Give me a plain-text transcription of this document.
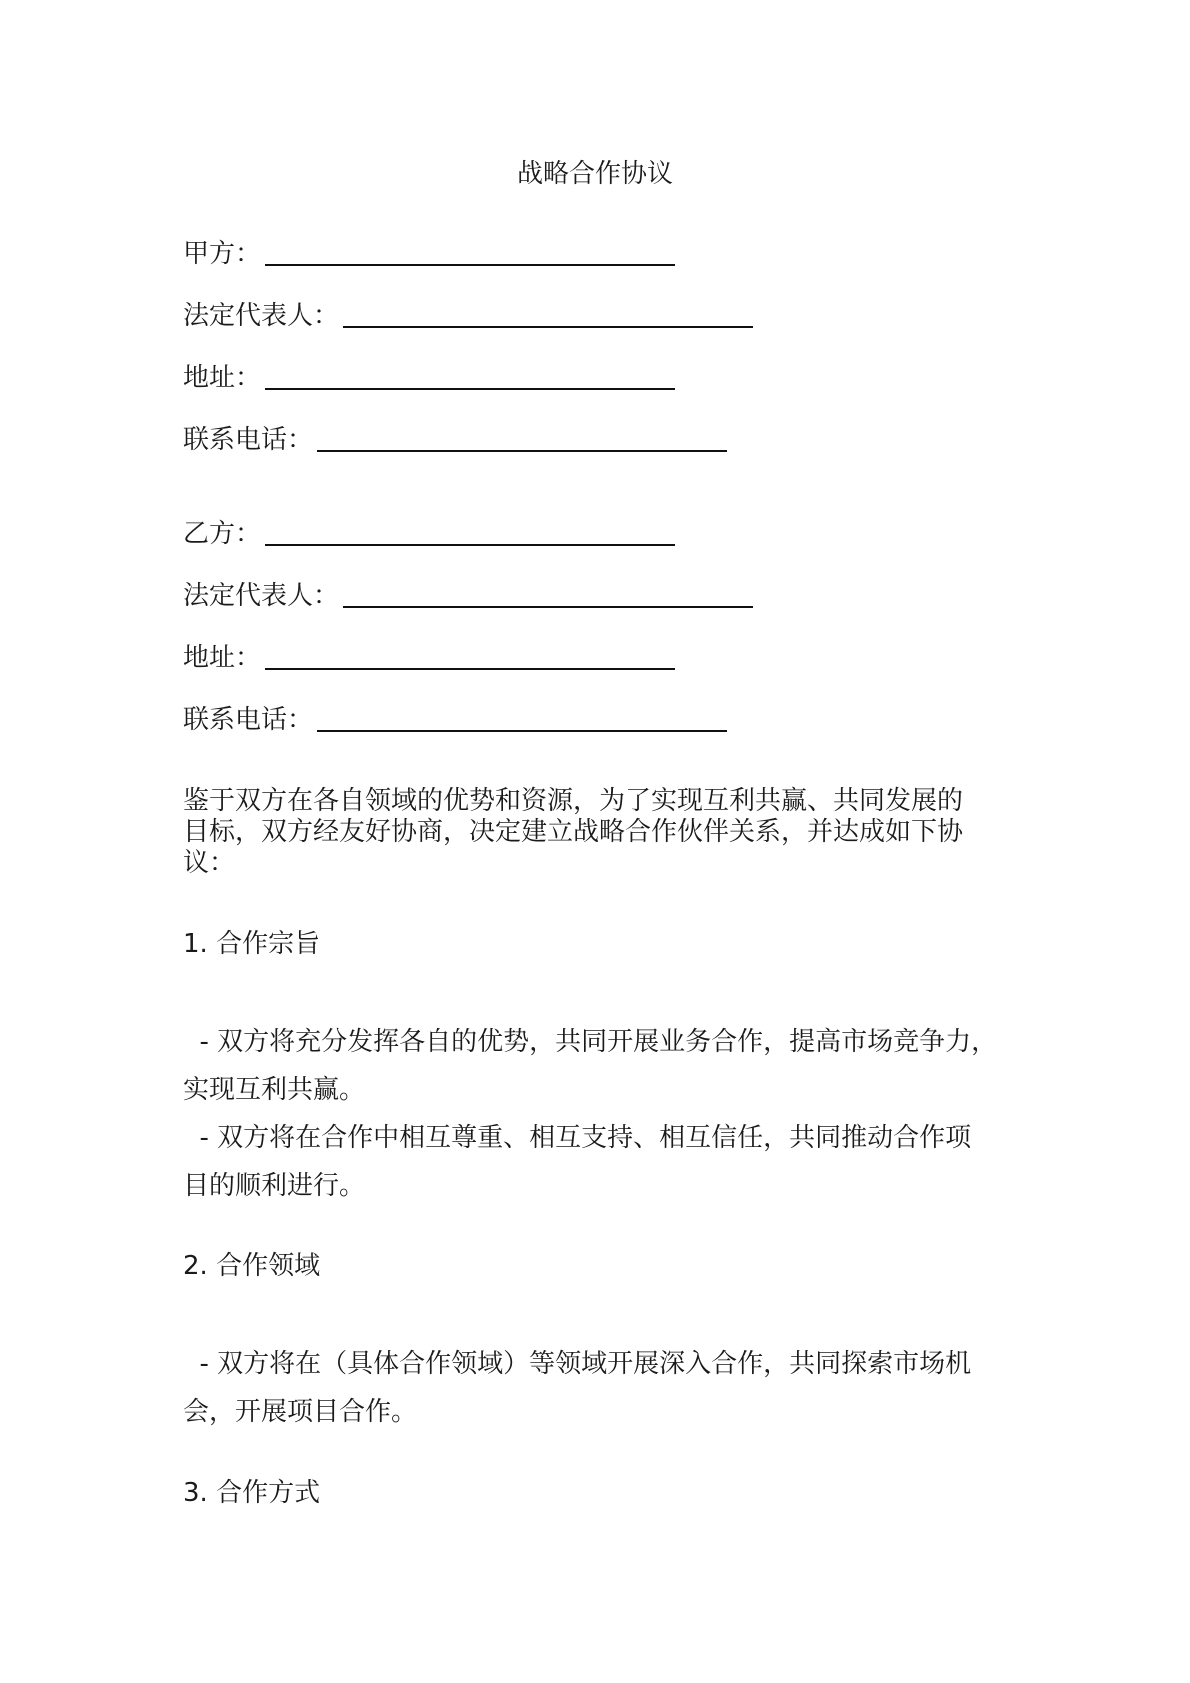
战略合作协议
甲方：
法定代表人：
地址：
联系电话：
乙方：
法定代表人：
地址：
联系电话：
鉴于双方在各自领域的优势和资源，为了实现互利共赢、共同发展的
目标，双方经友好协商，决定建立战略合作伙伴关系，并达成如下协
议：
1. 合作宗旨
- 双方将充分发挥各自的优势，共同开展业务合作，提高市场竞争力，
实现互利共赢。
- 双方将在合作中相互尊重、相互支持、相互信任，共同推动合作项
目的顺利进行。
2. 合作领域
- 双方将在（具体合作领域）等领域开展深入合作，共同探索市场机
会，开展项目合作。
3. 合作方式
